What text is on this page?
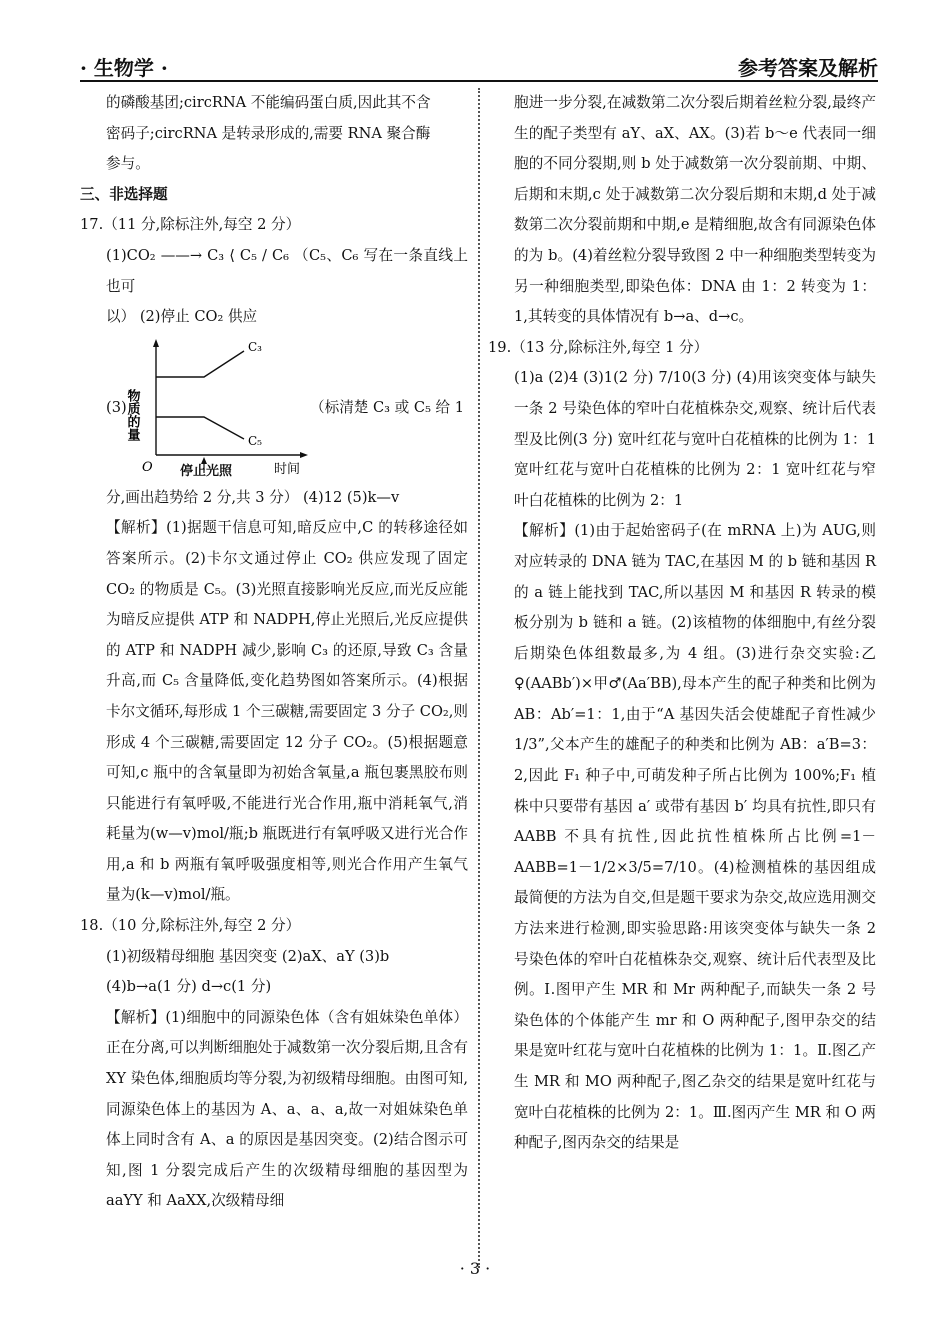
· 生物学 ·	参考答案及解析

的磷酸基团;circRNA 不能编码蛋白质,因此其不含

密码子;circRNA 是转录形成的,需要 RNA 聚合酶

参与。

三、非选择题

17.（11 分,除标注外,每空 2 分）

(1)CO₂ ——→ C₃ ⟨ C₅ / C₆ （C₅、C₆ 写在一条直线上也可

以） (2)停止 CO₂ 供应

(3)
物质的量
C₃
C₅
O	时间
（标清楚 C₃ 或 C₅ 给 1
停止光照

分,画出趋势给 2 分,共 3 分） (4)12 (5)k—v

【解析】(1)据题干信息可知,暗反应中,C 的转移途径如答案所示。(2)卡尔文通过停止 CO₂ 供应发现了固定 CO₂ 的物质是 C₅。(3)光照直接影响光反应,而光反应能为暗反应提供 ATP 和 NADPH,停止光照后,光反应提供的 ATP 和 NADPH 减少,影响 C₃ 的还原,导致 C₃ 含量升高,而 C₅ 含量降低,变化趋势图如答案所示。(4)根据卡尔文循环,每形成 1 个三碳糖,需要固定 3 分子 CO₂,则形成 4 个三碳糖,需要固定 12 分子 CO₂。(5)根据题意可知,c 瓶中的含氧量即为初始含氧量,a 瓶包裹黑胶布则只能进行有氧呼吸,不能进行光合作用,瓶中消耗氧气,消耗量为(w—v)mol/瓶;b 瓶既进行有氧呼吸又进行光合作用,a 和 b 两瓶有氧呼吸强度相等,则光合作用产生氧气量为(k—v)mol/瓶。

18.（10 分,除标注外,每空 2 分）

(1)初级精母细胞 基因突变 (2)aX、aY (3)b

(4)b→a(1 分) d→c(1 分)

【解析】(1)细胞中的同源染色体（含有姐妹染色单体）正在分离,可以判断细胞处于减数第一次分裂后期,且含有 XY 染色体,细胞质均等分裂,为初级精母细胞。由图可知,同源染色体上的基因为 A、a、a、a,故一对姐妹染色单体上同时含有 A、a 的原因是基因突变。(2)结合图示可知,图 1 分裂完成后产生的次级精母细胞的基因型为 aaYY 和 AaXX,次级精母细

胞进一步分裂,在减数第二次分裂后期着丝粒分裂,最终产生的配子类型有 aY、aX、AX。(3)若 b～e 代表同一细胞的不同分裂期,则 b 处于减数第一次分裂前期、中期、后期和末期,c 处于减数第二次分裂后期和末期,d 处于减数第二次分裂前期和中期,e 是精细胞,故含有同源染色体的为 b。(4)着丝粒分裂导致图 2 中一种细胞类型转变为另一种细胞类型,即染色体：DNA 由 1：2 转变为 1：1,其转变的具体情况有 b→a、d→c。

19.（13 分,除标注外,每空 1 分）

(1)a (2)4 (3)1(2 分) 7/10(3 分) (4)用该突变体与缺失一条 2 号染色体的窄叶白花植株杂交,观察、统计后代表型及比例(3 分) 宽叶红花与宽叶白花植株的比例为 1：1 宽叶红花与宽叶白花植株的比例为 2：1 宽叶红花与窄叶白花植株的比例为 2：1

【解析】(1)由于起始密码子(在 mRNA 上)为 AUG,则对应转录的 DNA 链为 TAC,在基因 M 的 b 链和基因 R 的 a 链上能找到 TAC,所以基因 M 和基因 R 转录的模板分别为 b 链和 a 链。(2)该植物的体细胞中,有丝分裂后期染色体组数最多,为 4 组。(3)进行杂交实验:乙♀(AABb′)×甲♂(Aa′BB),母本产生的配子种类和比例为 AB：Ab′=1：1,由于“A 基因失活会使雄配子育性减少 1/3”,父本产生的雄配子的种类和比例为 AB：a′B=3：2,因此 F₁ 种子中,可萌发种子所占比例为 100%;F₁ 植株中只要带有基因 a′ 或带有基因 b′ 均具有抗性,即只有 AABB 不具有抗性,因此抗性植株所占比例=1－AABB=1－1/2×3/5=7/10。(4)检测植株的基因组成最简便的方法为自交,但是题干要求为杂交,故应选用测交方法来进行检测,即实验思路:用该突变体与缺失一条 2 号染色体的窄叶白花植株杂交,观察、统计后代表型及比例。Ⅰ.图甲产生 MR 和 Mr 两种配子,而缺失一条 2 号染色体的个体能产生 mr 和 O 两种配子,图甲杂交的结果是宽叶红花与宽叶白花植株的比例为 1：1。Ⅱ.图乙产生 MR 和 MO 两种配子,图乙杂交的结果是宽叶红花与宽叶白花植株的比例为 2：1。Ⅲ.图丙产生 MR 和 O 两种配子,图丙杂交的结果是

· 3 ·
